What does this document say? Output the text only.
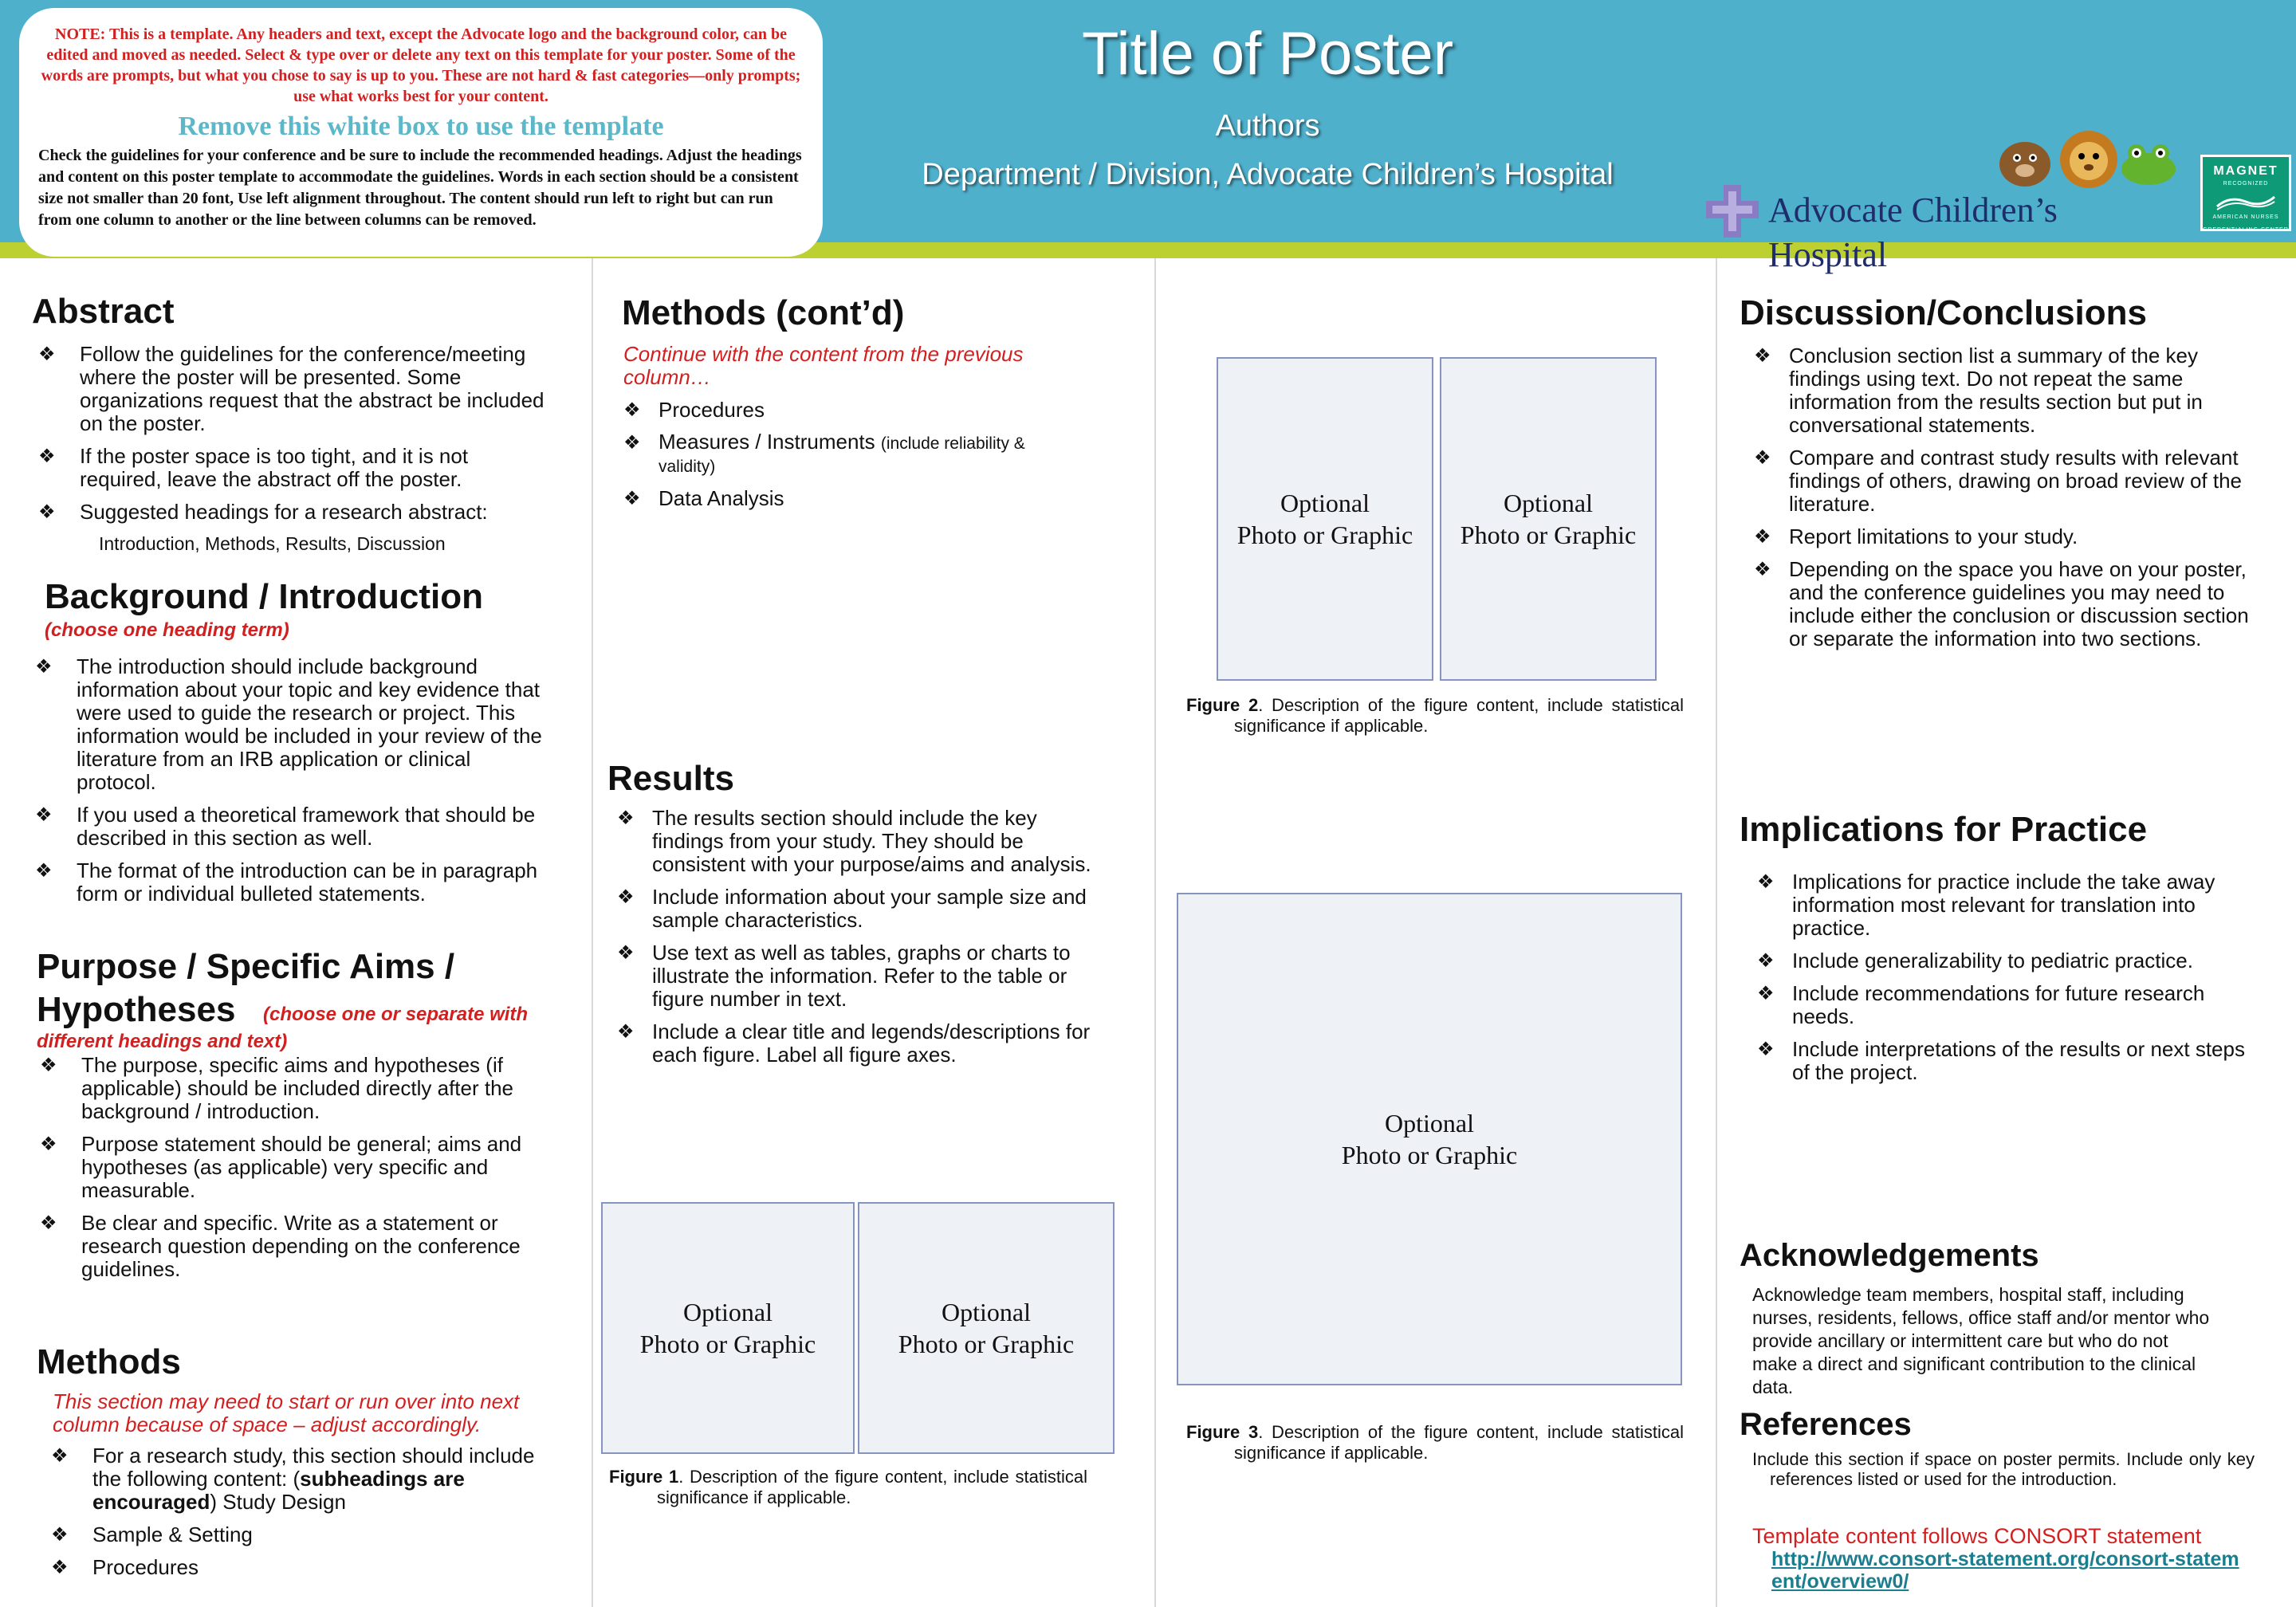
NOTE: This is a template. Any headers and text, except the Advocate logo and the background color, can be edited and moved as needed. Select & type over or delete any text on this template for your poster. Some of the words are prompts, but what you chose to say is up to you. These are not hard & fast categories—only prompts; use what works best for your content.
Remove this white box to use the template
Check the guidelines for your conference and be sure to include the recommended headings. Adjust the headings and content on this poster template to accommodate the guidelines. Words in each section should be a consistent size not smaller than 20 font, Use left alignment throughout. The content should run left to right but can run from one column to another or the line between columns can be removed.
Title of Poster
Authors
Department / Division, Advocate Children’s Hospital
Advocate Children’s Hospital
MAGNET
RECOGNIZED
AMERICAN NURSES CREDENTIALING CENTER
Abstract
❖	Follow the guidelines for the conference/meeting where the poster will be presented. Some organizations request that the abstract be included on the poster.
❖	If the poster space is too tight, and it is not required, leave the abstract off the poster.
❖	Suggested headings for a research abstract:
Introduction, Methods, Results, Discussion
Background / Introduction
(choose one heading term)
❖	The introduction should include background information about your topic and key evidence that were used to guide the research or project. This information would be included in your review of the literature from an IRB application or clinical protocol.
❖	If you used a theoretical framework that should be described in this section as well.
❖	The format of the introduction can be in paragraph form or individual bulleted statements.
Purpose / Specific Aims /
Hypotheses (choose one or separate with
different headings and text)
❖	The purpose, specific aims and hypotheses (if applicable) should be included directly after the background / introduction.
❖	Purpose statement should be general; aims and hypotheses (as applicable) very specific and measurable.
❖	Be clear and specific. Write as a statement or research question depending on the conference guidelines.
Methods
This section may need to start or run over into next column because of space – adjust accordingly.
❖	For a research study, this section should include the following content: (subheadings are encouraged) Study Design
❖	Sample & Setting
❖	Procedures
Methods (cont’d)
Continue with the content from the previous column…
❖ Procedures
❖ Measures / Instruments (include reliability & validity)
❖ Data Analysis
Results
❖ The results section should include the key findings from your study. They should be consistent with your purpose/aims and analysis.
❖ Include information about your sample size and sample characteristics.
❖ Use text as well as tables, graphs or charts to illustrate the information. Refer to the table or figure number in text.
❖ Include a clear title and legends/descriptions for each figure. Label all figure axes.
Optional
Photo or Graphic
Optional
Photo or Graphic
Figure 1. Description of the figure content, include statistical significance if applicable.
Optional
Photo or Graphic
Optional
Photo or Graphic
Figure 2. Description of the figure content, include statistical significance if applicable.
Optional
Photo or Graphic
Figure 3. Description of the figure content, include statistical significance if applicable.
Discussion/Conclusions
❖ Conclusion section list a summary of the key findings using text. Do not repeat the same information from the results section but put in conversational statements.
❖ Compare and contrast study results with relevant findings of others, drawing on broad review of the literature.
❖ Report limitations to your study.
❖ Depending on the space you have on your poster, and the conference guidelines you may need to include either the conclusion or discussion section or separate the information into two sections.
Implications for Practice
❖ Implications for practice include the take away information most relevant for translation into practice.
❖ Include generalizability to pediatric practice.
❖ Include recommendations for future research needs.
❖ Include interpretations of the results or next steps of the project.
Acknowledgements
Acknowledge team members, hospital staff, including nurses, residents, fellows, office staff and/or mentor who provide ancillary or intermittent care but who do not make a direct and significant contribution to the clinical data.
References
Include this section if space on poster permits. Include only key references listed or used for the introduction.
Template content follows CONSORT statement
http://www.consort-statement.org/consort-statement/overview0/
